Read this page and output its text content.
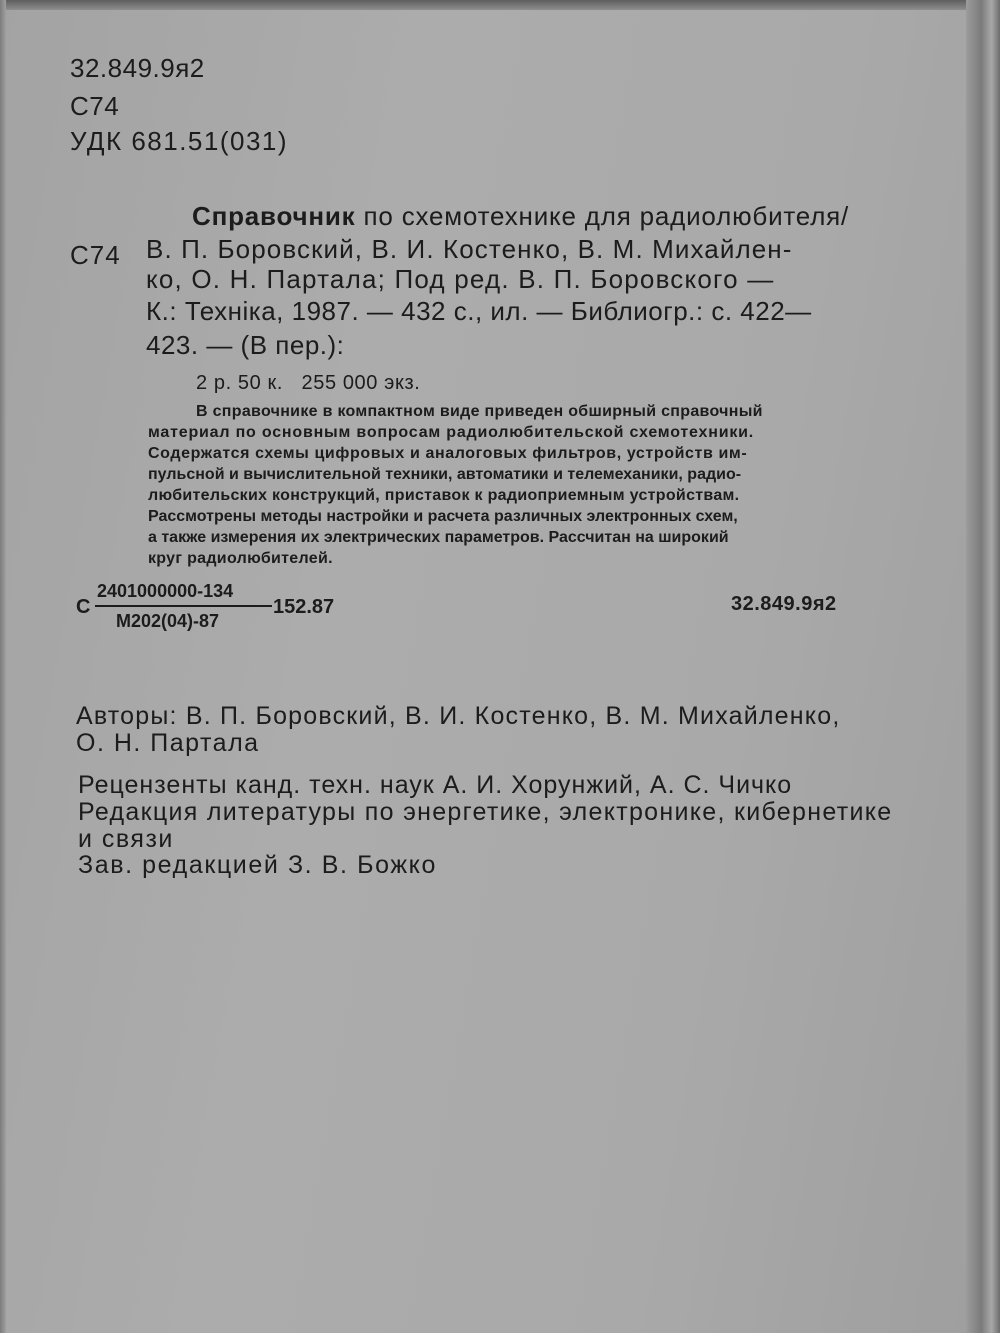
32.849.9я2

С74

УДК 681.51(031)

Справочник по схемотехнике для радиолюбителя/

С74 В. П. Боровский, В. И. Костенко, В. М. Михайлен-

ко, О. Н. Партала; Под ред. В. П. Боровского —

К.: Техніка, 1987. — 432 с., ил. — Библиогр.: с. 422—

423. — (В пер.):

2 р. 50 к.   255 000 экз.

В справочнике в компактном виде приведен обширный справочный

материал по основным вопросам радиолюбительской схемотехники.

Содержатся схемы цифровых и аналоговых фильтров, устройств им-

пульсной и вычислительной техники, автоматики и телемеханики, радио-

любительских конструкций, приставок к радиоприемным устройствам.

Рассмотрены методы настройки и расчета различных электронных схем,

а также измерения их электрических параметров. Рассчитан на широкий

круг радиолюбителей.

С

2401000000-134

М202(04)-87

152.87	32.849.9я2

Авторы: В. П. Боровский, В. И. Костенко, В. М. Михайленко,

О. Н. Партала

Рецензенты канд. техн. наук А. И. Хорунжий, А. С. Чичко

Редакция литературы по энергетике, электронике, кибернетике

и связи

Зав. редакцией З. В. Божко
